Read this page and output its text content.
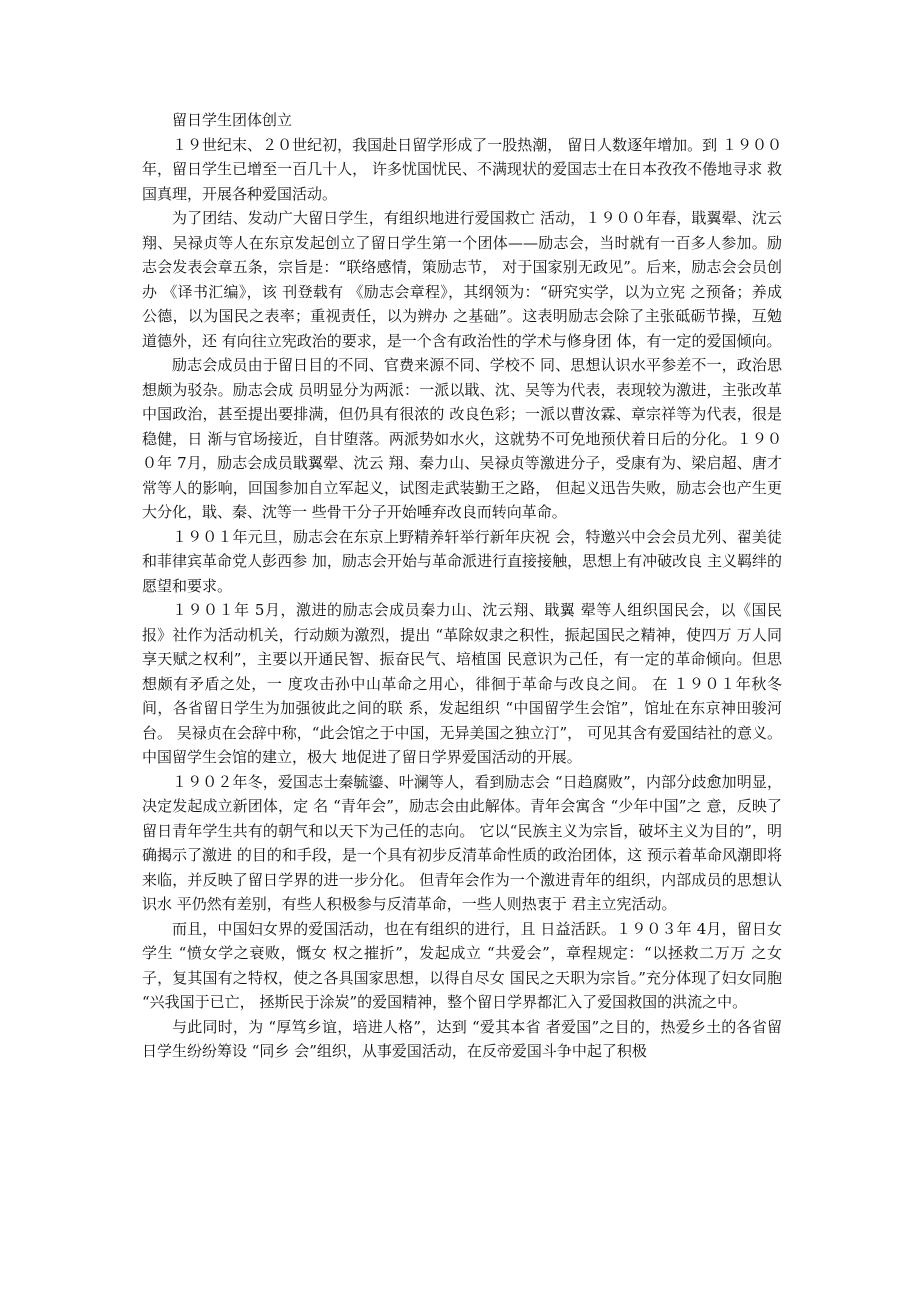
留日学生团体创立

１９世纪末、２０世纪初，我国赴日留学形成了一股热潮， 留日人数逐年增加。到 １９００年，留日学生已增至一百几十人， 许多忧国忧民、不满现状的爱国志士在日本孜孜不倦地寻求 救国真理，开展各种爱国活动。

为了团结、发动广大留日学生，有组织地进行爱国救亡 活动，１９００年春，戢翼翚、沈云翔、吴禄贞等人在东京发起创立了留日学生第一个团体——励志会，当时就有一百多人参加。励志会发表会章五条，宗旨是：“联络感情，策励志节， 对于国家别无政见”。后来，励志会会员创办 《译书汇编》，该 刊登载有 《励志会章程》，其纲领为：“研究实学，以为立宪 之预备；养成公德，以为国民之表率；重视责任，以为辨办 之基础”。这表明励志会除了主张砥砺节操，互勉道德外，还 有向往立宪政治的要求，是一个含有政治性的学术与修身团 体，有一定的爱国倾向。

励志会成员由于留日目的不同、官费来源不同、学校不 同、思想认识水平参差不一，政治思想颇为驳杂。励志会成 员明显分为两派：一派以戢、沈、吴等为代表，表现较为激进，主张改革中国政治，甚至提出要排满，但仍具有很浓的 改良色彩；一派以曹汝霖、章宗祥等为代表，很是稳健，日 渐与官场接近，自甘堕落。两派势如水火，这就势不可免地预伏着日后的分化。１９００年 7月，励志会成员戢翼翚、沈云 翔、秦力山、吴禄贞等激进分子，受康有为、梁启超、唐才 常等人的影响，回国参加自立军起义，试图走武装勤王之路， 但起义迅告失败，励志会也产生更大分化，戢、秦、沈等一 些骨干分子开始唾弃改良而转向革命。

１９０１年元旦，励志会在东京上野精养轩举行新年庆祝 会，特邀兴中会会员尤列、翟美徒和菲律宾革命党人彭西参 加，励志会开始与革命派进行直接接触，思想上有冲破改良 主义羁绊的愿望和要求。

１９０１年 5月，激进的励志会成员秦力山、沈云翔、戢翼 翚等人组织国民会，以《国民报》社作为活动机关，行动颇为激烈，提出 “革除奴隶之积性，振起国民之精神，使四万 万人同享天赋之权利”，主要以开通民智、振奋民气、培植国 民意识为己任，有一定的革命倾向。但思想颇有矛盾之处，一 度攻击孙中山革命之用心，徘徊于革命与改良之间。 在 １９０１年秋冬间，各省留日学生为加强彼此之间的联 系，发起组织 “中国留学生会馆”，馆址在东京神田骏河台。 吴禄贞在会辞中称，“此会馆之于中国，无异美国之独立汀”， 可见其含有爱国结社的意义。中国留学生会馆的建立，极大 地促进了留日学界爱国活动的开展。

１９０２年冬，爱国志士秦毓鎏、叶澜等人，看到励志会 “日趋腐败”，内部分歧愈加明显，决定发起成立新团体，定 名 “青年会”，励志会由此解体。青年会寓含 “少年中国”之 意，反映了留日青年学生共有的朝气和以天下为己任的志向。 它以“民族主义为宗旨，破坏主义为目的”，明确揭示了激进 的目的和手段，是一个具有初步反清革命性质的政治团体，这 预示着革命风潮即将来临，并反映了留日学界的进一步分化。 但青年会作为一个激进青年的组织，内部成员的思想认识水 平仍然有差别，有些人积极参与反清革命，一些人则热衷于 君主立宪活动。

而且，中国妇女界的爱国活动，也在有组织的进行，且 日益活跃。１９０３年 4月，留日女学生 “愤女学之衰败，慨女 权之摧折”，发起成立 “共爱会”，章程规定：“以拯救二万万 之女子，复其国有之特权，使之各具国家思想，以得自尽女 国民之天职为宗旨。”充分体现了妇女同胞 “兴我国于已亡， 拯斯民于涂炭”的爱国精神，整个留日学界都汇入了爱国救国的洪流之中。

与此同时，为 “厚笃乡谊，培进人格”，达到 “爱其本省 者爱国”之目的，热爱乡土的各省留日学生纷纷筹设 “同乡 会”组织，从事爱国活动，在反帝爱国斗争中起了积极
